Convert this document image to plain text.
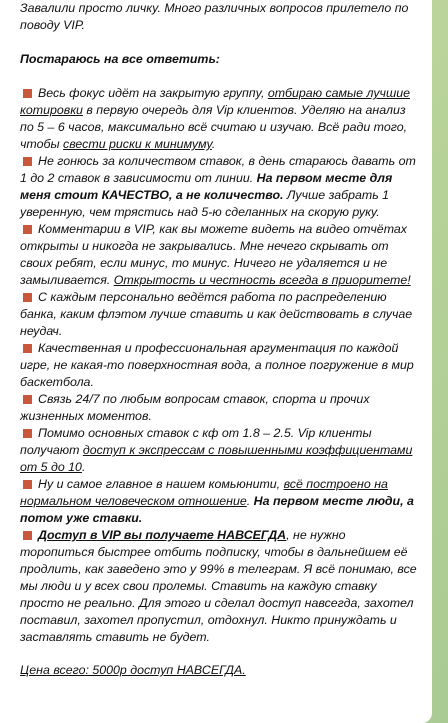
Завалили просто личку. Много различных вопросов прилетело по поводу VIP.
Постараюсь на все ответить:

Весь фокус идёт на закрытую группу, отбираю самые лучшие котировки в первую очередь для Vip клиентов. Уделяю на анализ по 5 – 6 часов, максимально всё считаю и изучаю. Всё ради того, чтобы свести риски к минимуму.

Не гонюсь за количеством ставок, в день стараюсь давать от 1 до 2 ставок в зависимости от линии. На первом месте для меня стоит КАЧЕСТВО, а не количество. Лучше забрать 1 уверенную, чем трястись над 5-ю сделанных на скорую руку.

Комментарии в VIP, как вы можете видеть на видео отчётах открыты и никогда не закрывались. Мне нечего скрывать от своих ребят, если минус, то минус. Ничего не удаляется и не замыливается. Открытость и честность всегда в приоритете!

С каждым персонально ведётся работа по распределению банка, каким флэтом лучше ставить и как действовать в случае неудач.

Качественная и профессиональная аргументация по каждой игре, не какая-то поверхностная вода, а полное погружение в мир баскетбола.

Связь 24/7 по любым вопросам ставок, спорта и прочих жизненных моментов.

Помимо основных ставок с кф от 1.8 – 2.5. Vip клиенты получают доступ к экспрессам с повышенными коэффициентами от 5 до 10.

Ну и самое главное в нашем комьюнити, всё построено на нормальном человеческом отношение. На первом месте люди, а потом уже ставки.

Доступ в VIP вы получаете НАВСЕГДА, не нужно торопиться быстрее отбить подписку, чтобы в дальнейшем её продлить, как заведено это у 99% в телеграм. Я всё понимаю, все мы люди и у всех свои пролемы. Ставить на каждую ставку просто не реально. Для этого и сделал доступ навсегда, захотел поставил, захотел пропустил, отдохнул. Никто принуждать и заставлять ставить не будет.

Цена всего: 5000р доступ НАВСЕГДА.
